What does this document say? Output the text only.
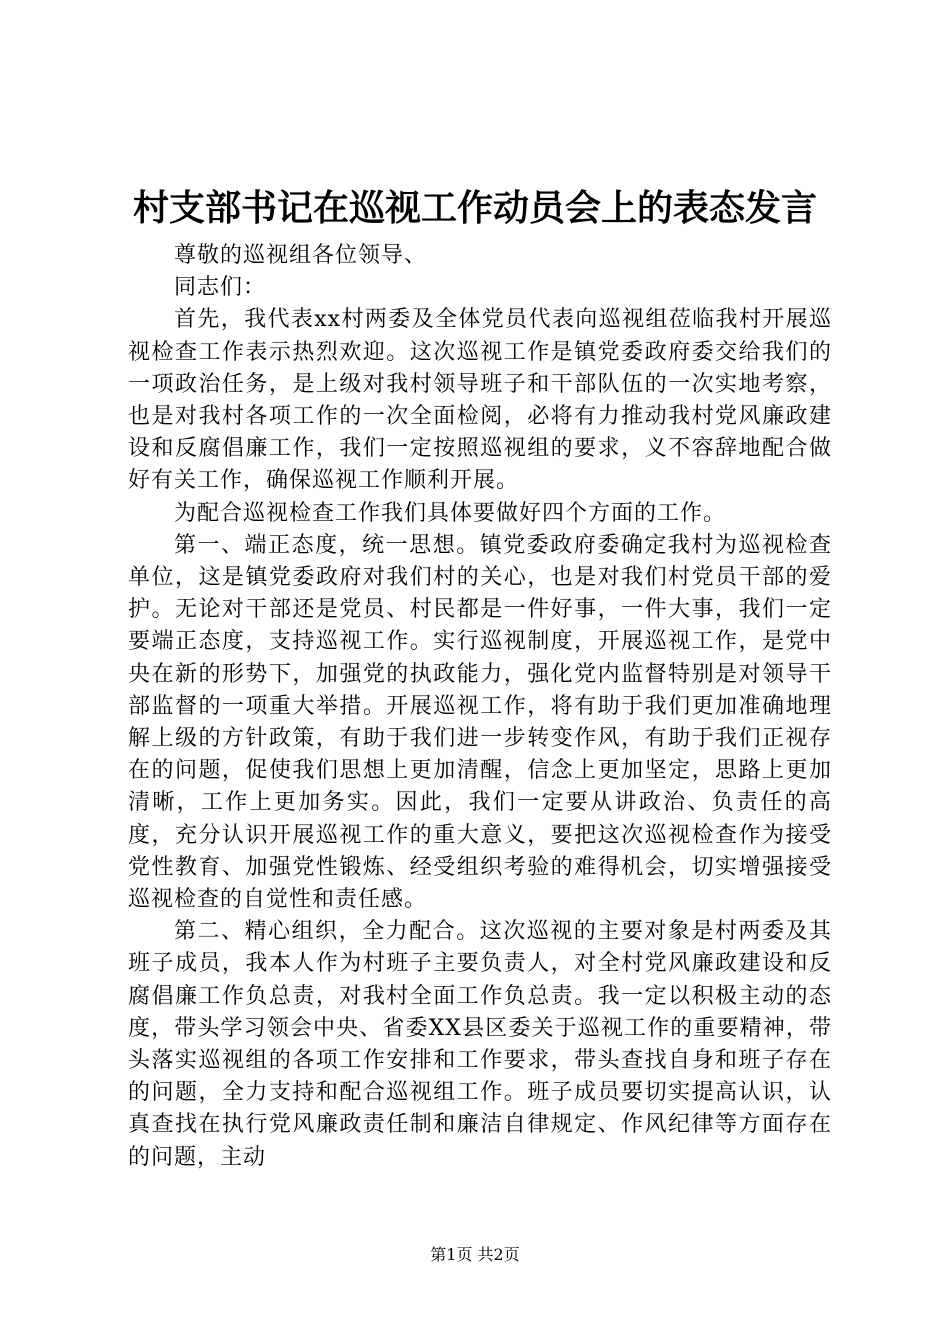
村支部书记在巡视工作动员会上的表态发言

尊敬的巡视组各位领导、

同志们：

首先，我代表xx村两委及全体党员代表向巡视组莅临我村开展巡视检查工作表示热烈欢迎。这次巡视工作是镇党委政府委交给我们的一项政治任务，是上级对我村领导班子和干部队伍的一次实地考察，也是对我村各项工作的一次全面检阅，必将有力推动我村党风廉政建设和反腐倡廉工作，我们一定按照巡视组的要求，义不容辞地配合做好有关工作，确保巡视工作顺利开展。

为配合巡视检查工作我们具体要做好四个方面的工作。

第一、端正态度，统一思想。镇党委政府委确定我村为巡视检查单位，这是镇党委政府对我们村的关心，也是对我们村党员干部的爱护。无论对干部还是党员、村民都是一件好事，一件大事，我们一定要端正态度，支持巡视工作。实行巡视制度，开展巡视工作，是党中央在新的形势下，加强党的执政能力，强化党内监督特别是对领导干部监督的一项重大举措。开展巡视工作，将有助于我们更加准确地理解上级的方针政策，有助于我们进一步转变作风，有助于我们正视存在的问题，促使我们思想上更加清醒，信念上更加坚定，思路上更加清晰，工作上更加务实。因此，我们一定要从讲政治、负责任的高度，充分认识开展巡视工作的重大意义，要把这次巡视检查作为接受党性教育、加强党性锻炼、经受组织考验的难得机会，切实增强接受巡视检查的自觉性和责任感。

第二、精心组织，全力配合。这次巡视的主要对象是村两委及其班子成员，我本人作为村班子主要负责人，对全村党风廉政建设和反腐倡廉工作负总责，对我村全面工作负总责。我一定以积极主动的态度，带头学习领会中央、省委XX县区委关于巡视工作的重要精神，带头落实巡视组的各项工作安排和工作要求，带头查找自身和班子存在的问题，全力支持和配合巡视组工作。班子成员要切实提高认识，认真查找在执行党风廉政责任制和廉洁自律规定、作风纪律等方面存在的问题，主动

第1页 共2页
